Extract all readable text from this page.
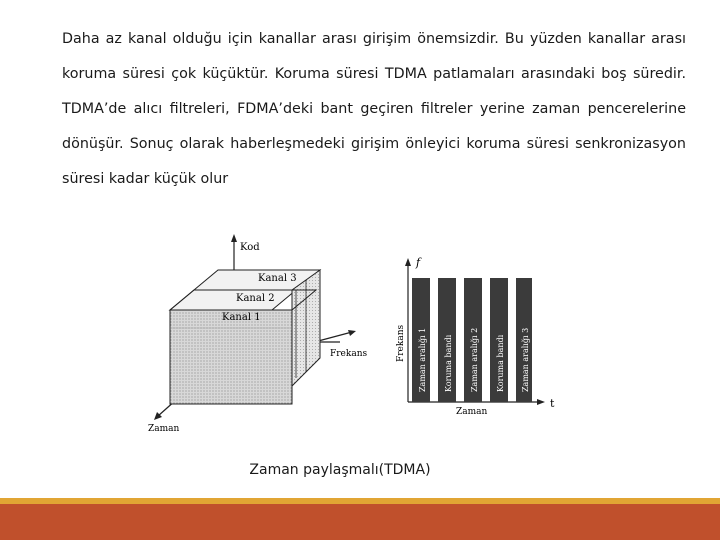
Daha az kanal olduğu için kanallar arası girişim önemsizdir. Bu yüzden kanallar arası koruma süresi çok küçüktür. Koruma süresi TDMA patlamaları arasındaki boş süredir. TDMA’de alıcı filtreleri, FDMA’deki bant geçiren filtreler yerine zaman pencerelerine dönüşür. Sonuç olarak haberleşmedeki girişim önleyici koruma süresi senkronizasyon süresi kadar küçük olur

Kanal 3
Kanal 2
Kanal 1
Kod
Frekans
Zaman
f
t
Zaman aralığı 1 Koruma bandı Zaman aralığı 2 Koruma bandı Zaman aralığı 3
Frekans
Zaman
Zaman paylaşmalı(TDMA)
